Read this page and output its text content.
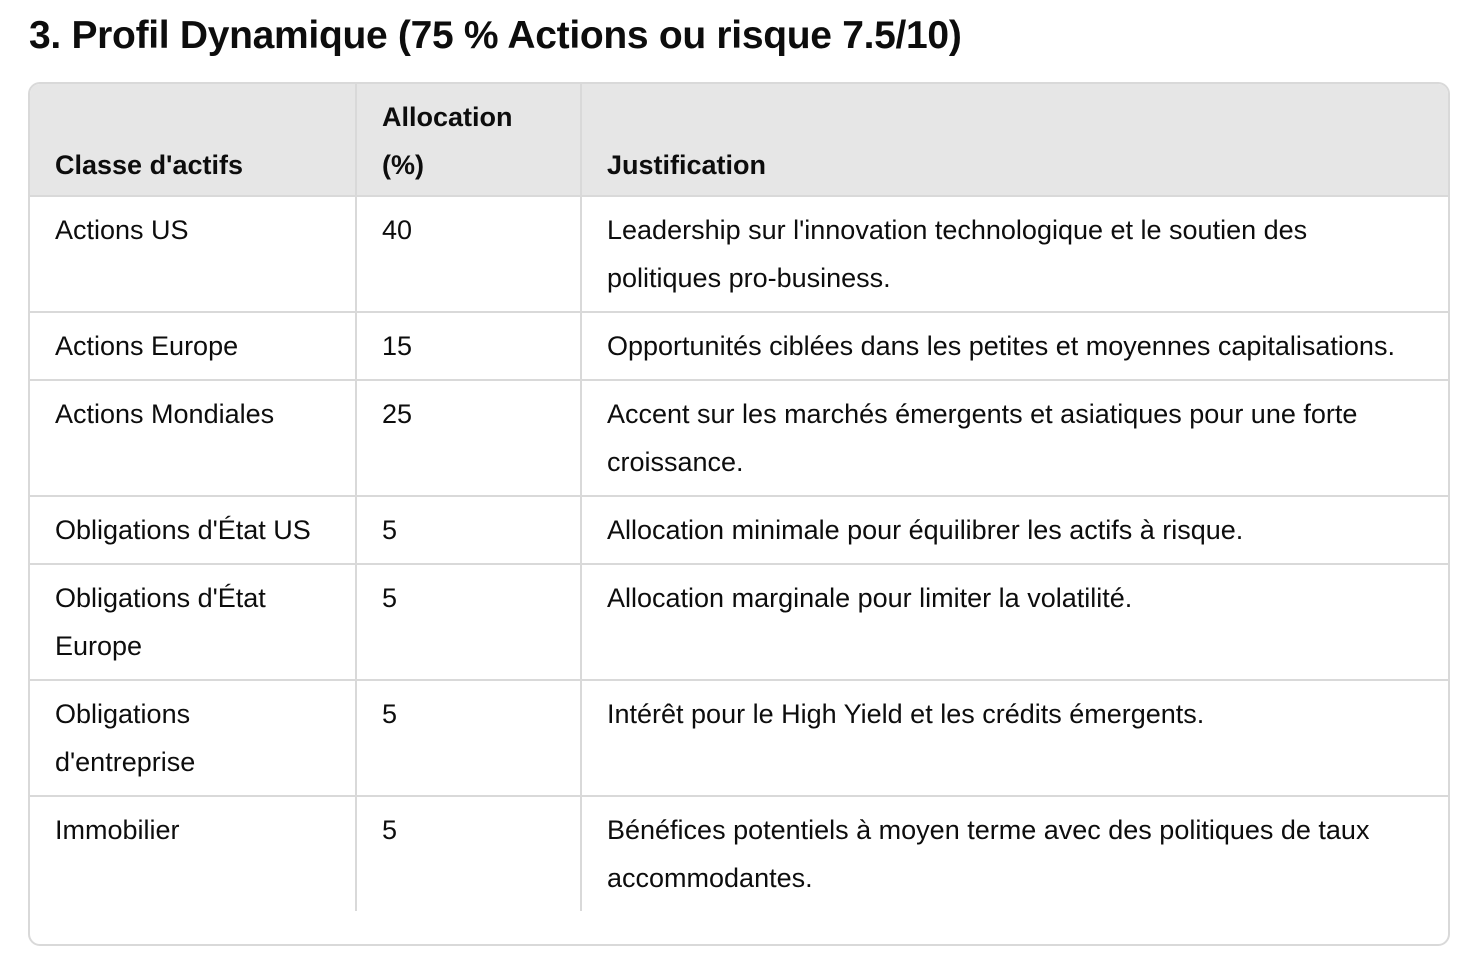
3. Profil Dynamique (75 % Actions ou risque 7.5/10)
Classe d'actifs	Allocation (%)	Justification
Actions US	40	Leadership sur l'innovation technologique et le soutien des politiques pro-business.
Actions Europe	15	Opportunités ciblées dans les petites et moyennes capitalisations.
Actions Mondiales	25	Accent sur les marchés émergents et asiatiques pour une forte croissance.
Obligations d'État US	5	Allocation minimale pour équilibrer les actifs à risque.
Obligations d'État Europe	5	Allocation marginale pour limiter la volatilité.
Obligations d'entreprise	5	Intérêt pour le High Yield et les crédits émergents.
Immobilier	5	Bénéfices potentiels à moyen terme avec des politiques de taux accommodantes.
